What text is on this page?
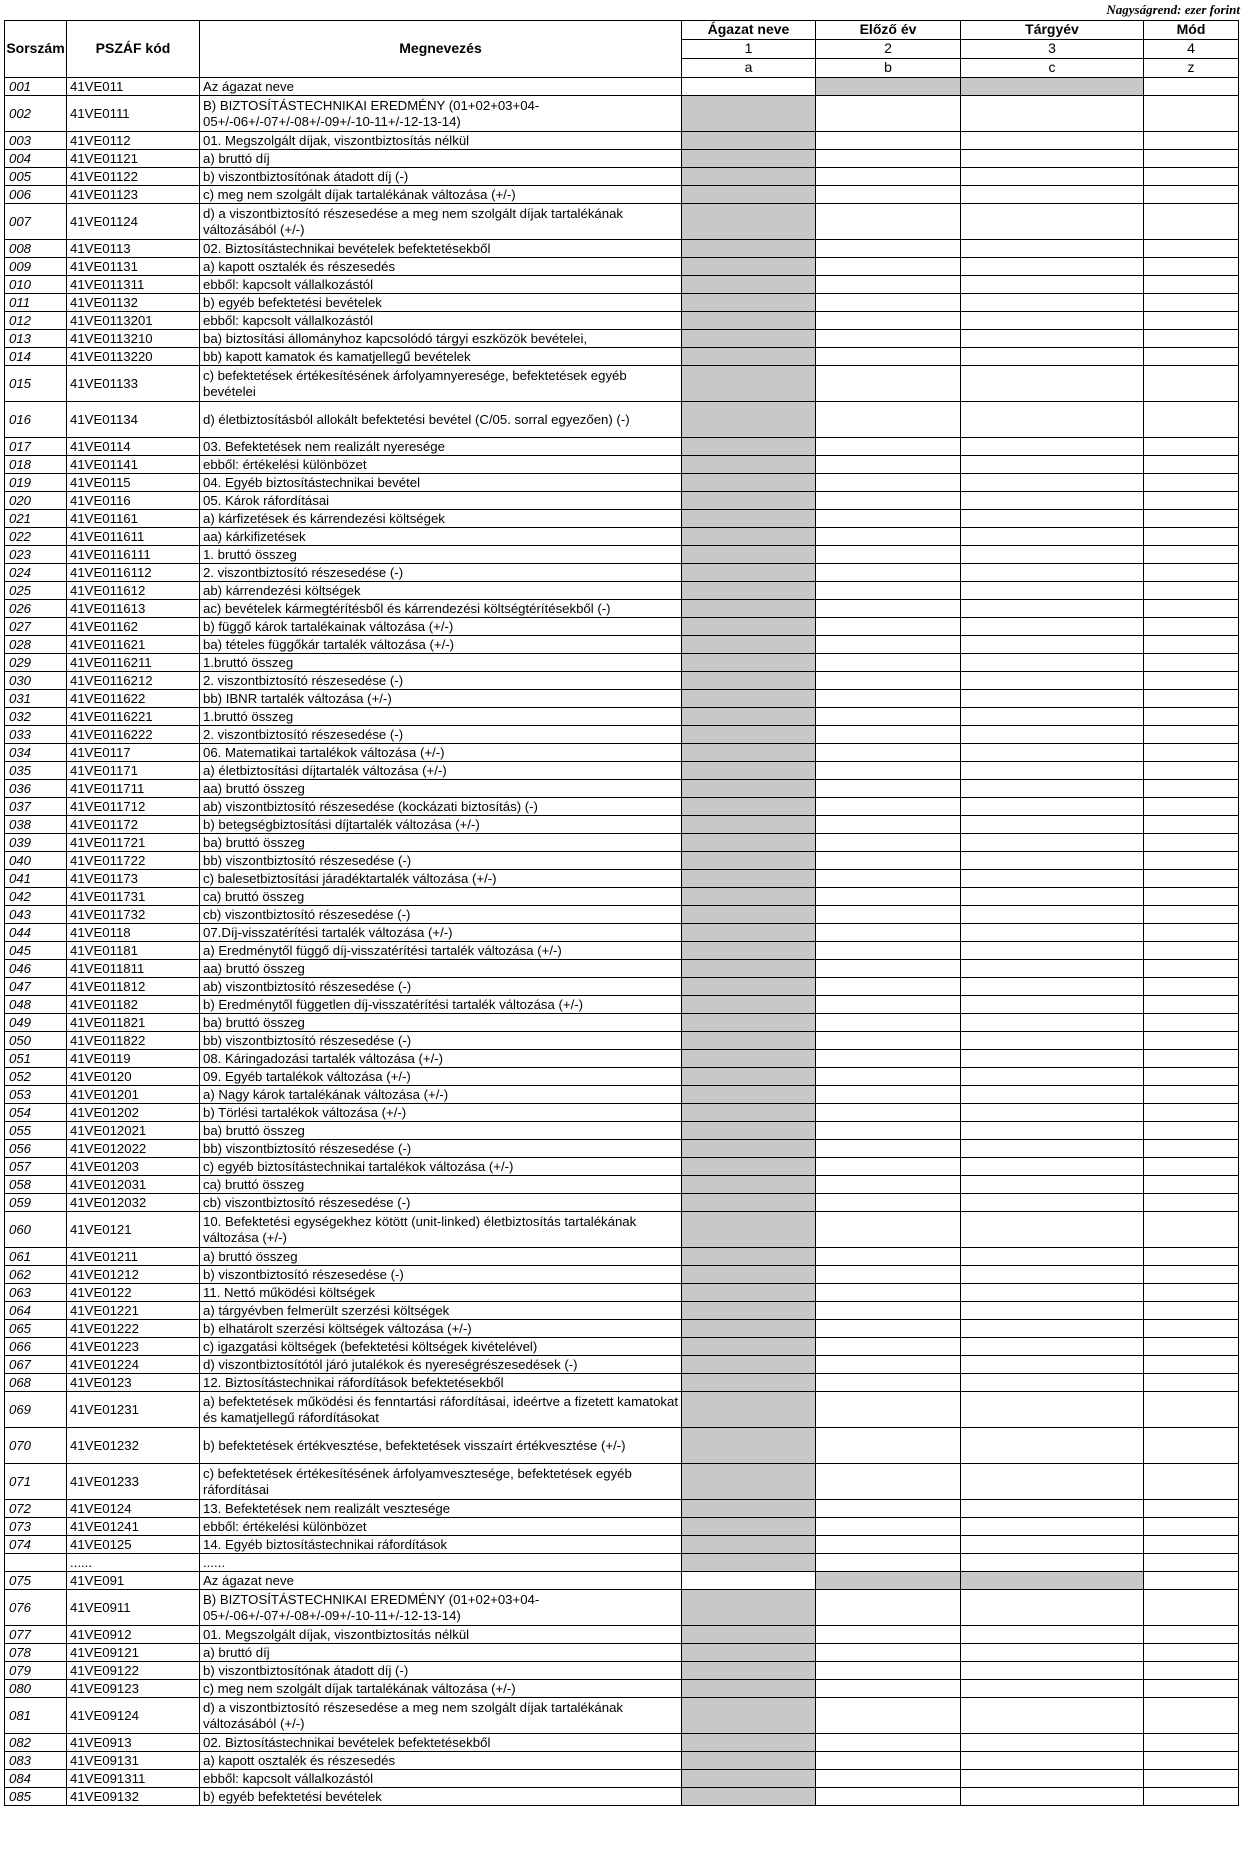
Nagyságrend: ezer forint
Sorszám	PSZÁF kód	Megnevezés	Ágazat neve	Előző év	Tárgyév	Mód
			1	2	3	4
			a	b	c	z
001	41VE011	Az ágazat neve				
002	41VE0111	B) BIZTOSÍTÁSTECHNIKAI EREDMÉNY (01+02+03+04-05+/-06+/-07+/-08+/-09+/-10-11+/-12-13-14)				
003	41VE0112	01. Megszolgált díjak, viszontbiztosítás nélkül				
004	41VE01121	a) bruttó díj				
005	41VE01122	b) viszontbiztosítónak átadott díj (-)				
006	41VE01123	c) meg nem szolgált díjak tartalékának változása (+/-)				
007	41VE01124	d) a viszontbiztosító részesedése a meg nem szolgált díjak tartalékának változásából (+/-)				
008	41VE0113	02. Biztosítástechnikai bevételek befektetésekből				
009	41VE01131	a) kapott osztalék és részesedés				
010	41VE011311	ebből: kapcsolt vállalkozástól				
011	41VE01132	b) egyéb befektetési bevételek				
012	41VE0113201	ebből: kapcsolt vállalkozástól				
013	41VE0113210	ba) biztosítási állományhoz kapcsolódó tárgyi eszközök bevételei,				
014	41VE0113220	bb) kapott kamatok és kamatjellegű bevételek				
015	41VE01133	c) befektetések értékesítésének árfolyamnyeresége, befektetések egyéb bevételei				
016	41VE01134	d) életbiztosításból allokált befektetési bevétel (C/05. sorral egyezően) (-)				
017	41VE0114	03. Befektetések nem realizált nyeresége				
018	41VE01141	ebből: értékelési különbözet				
019	41VE0115	04. Egyéb biztosítástechnikai bevétel				
020	41VE0116	05. Károk ráfordításai				
021	41VE01161	a) kárfizetések és kárrendezési költségek				
022	41VE011611	aa) kárkifizetések				
023	41VE0116111	1. bruttó összeg				
024	41VE0116112	2. viszontbiztosító részesedése (-)				
025	41VE011612	ab) kárrendezési költségek				
026	41VE011613	ac) bevételek kármegtérítésből és kárrendezési költségtérítésekből (-)				
027	41VE01162	b) függő károk tartalékainak változása (+/-)				
028	41VE011621	ba) tételes függőkár tartalék változása (+/-)				
029	41VE0116211	1.bruttó összeg				
030	41VE0116212	2. viszontbiztosító részesedése (-)				
031	41VE011622	bb) IBNR tartalék változása (+/-)				
032	41VE0116221	1.bruttó összeg				
033	41VE0116222	2. viszontbiztosító részesedése (-)				
034	41VE0117	06. Matematikai tartalékok változása (+/-)				
035	41VE01171	a) életbiztosítási díjtartalék változása (+/-)				
036	41VE011711	aa) bruttó összeg				
037	41VE011712	ab) viszontbiztosító részesedése (kockázati biztosítás) (-)				
038	41VE01172	b) betegségbiztosítási díjtartalék változása (+/-)				
039	41VE011721	ba) bruttó összeg				
040	41VE011722	bb) viszontbiztosító részesedése (-)				
041	41VE01173	c) balesetbiztosítási járadéktartalék változása (+/-)				
042	41VE011731	ca) bruttó összeg				
043	41VE011732	cb) viszontbiztosító részesedése (-)				
044	41VE0118	07.Díj-visszatérítési tartalék változása (+/-)				
045	41VE01181	a) Eredménytől függő díj-visszatérítési tartalék változása (+/-)				
046	41VE011811	aa) bruttó összeg				
047	41VE011812	ab) viszontbiztosító részesedése (-)				
048	41VE01182	b) Eredménytől független díj-visszatérítési tartalék változása (+/-)				
049	41VE011821	ba) bruttó összeg				
050	41VE011822	bb) viszontbiztosító részesedése (-)				
051	41VE0119	08. Káringadozási tartalék változása (+/-)				
052	41VE0120	09. Egyéb tartalékok változása (+/-)				
053	41VE01201	a) Nagy károk tartalékának változása (+/-)				
054	41VE01202	b) Törlési tartalékok változása (+/-)				
055	41VE012021	ba) bruttó összeg				
056	41VE012022	bb) viszontbiztosító részesedése (-)				
057	41VE01203	c) egyéb biztosítástechnikai tartalékok változása (+/-)				
058	41VE012031	ca) bruttó összeg				
059	41VE012032	cb) viszontbiztosító részesedése (-)				
060	41VE0121	10. Befektetési egységekhez kötött (unit-linked) életbiztosítás tartalékának változása (+/-)				
061	41VE01211	a) bruttó összeg				
062	41VE01212	b) viszontbiztosító részesedése (-)				
063	41VE0122	11. Nettó működési költségek				
064	41VE01221	a) tárgyévben felmerült szerzési költségek				
065	41VE01222	b) elhatárolt szerzési költségek változása (+/-)				
066	41VE01223	c) igazgatási költségek (befektetési költségek kivételével)				
067	41VE01224	d) viszontbiztosítótól járó jutalékok és nyereségrészesedések (-)				
068	41VE0123	12. Biztosítástechnikai ráfordítások befektetésekből				
069	41VE01231	a) befektetések működési és fenntartási ráfordításai, ideértve a fizetett kamatokat és kamatjellegű ráfordításokat				
070	41VE01232	b) befektetések értékvesztése, befektetések visszaírt értékvesztése (+/-)				
071	41VE01233	c) befektetések értékesítésének árfolyamvesztesége, befektetések egyéb ráfordításai				
072	41VE0124	13. Befektetések nem realizált vesztesége				
073	41VE01241	ebből: értékelési különbözet				
074	41VE0125	14. Egyéb biztosítástechnikai ráfordítások				
	......	......				
075	41VE091	Az ágazat neve				
076	41VE0911	B) BIZTOSÍTÁSTECHNIKAI EREDMÉNY (01+02+03+04-05+/-06+/-07+/-08+/-09+/-10-11+/-12-13-14)				
077	41VE0912	01. Megszolgált díjak, viszontbiztosítás nélkül				
078	41VE09121	a) bruttó díj				
079	41VE09122	b) viszontbiztosítónak átadott díj (-)				
080	41VE09123	c) meg nem szolgált díjak tartalékának változása (+/-)				
081	41VE09124	d) a viszontbiztosító részesedése a meg nem szolgált díjak tartalékának változásából (+/-)				
082	41VE0913	02. Biztosítástechnikai bevételek befektetésekből				
083	41VE09131	a) kapott osztalék és részesedés				
084	41VE091311	ebből: kapcsolt vállalkozástól				
085	41VE09132	b) egyéb befektetési bevételek				
